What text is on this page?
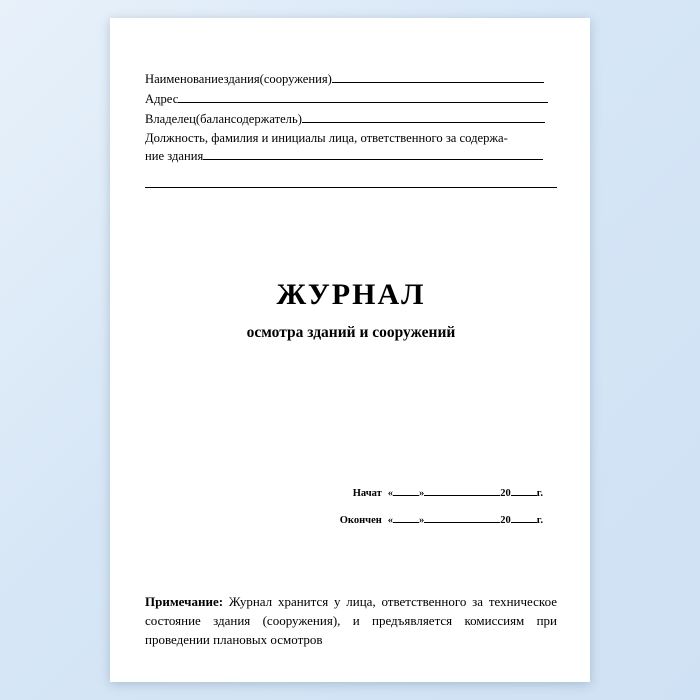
Наименованиездания(сооружения)
Адрес
Владелец(балансодержатель)
Должность, фамилия и инициалы лица, ответственного за содержа-
ние здания
ЖУРНАЛ
осмотра зданий и сооружений
Начат « »	20 г.
Окончен « »	20 г.
Примечание: Журнал хранится у лица, ответственного за техническое состояние здания (сооружения), и предъявляется комиссиям при проведении плановых осмотров
